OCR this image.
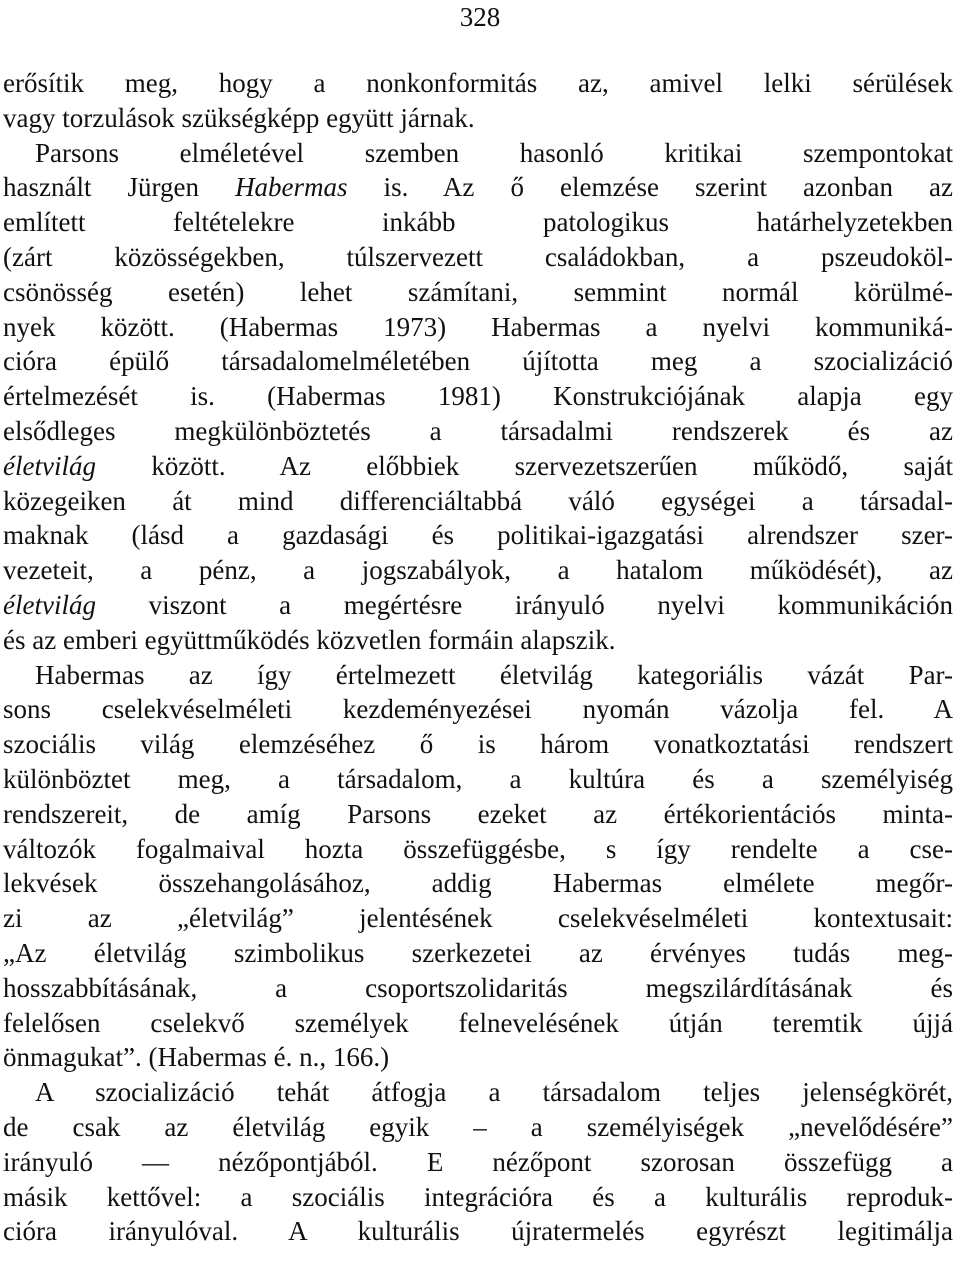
328
erősítik meg, hogy a nonkonformitás az, amivel lelki sérülések
vagy torzulások szükségképp együtt járnak.
Parsons elméletével szemben hasonló kritikai szempontokat
használt Jürgen Habermas is. Az ő elemzése szerint azonban az
említett feltételekre inkább patologikus határhelyzetekben
(zárt közösségekben, túlszervezett családokban, a pszeudoköl-
csönösség esetén) lehet számítani, semmint normál körülmé-
nyek között. (Habermas 1973) Habermas a nyelvi kommuniká-
cióra épülő társadalomelméletében újította meg a szocializáció
értelmezését is. (Habermas 1981) Konstrukciójának alapja egy
elsődleges megkülönböztetés a társadalmi rendszerek és az
életvilág között. Az előbbiek szervezetszerűen működő, saját
közegeiken át mind differenciáltabbá váló egységei a társadal-
maknak (lásd a gazdasági és politikai-igazgatási alrendszer szer-
vezeteit, a pénz, a jogszabályok, a hatalom működését), az
életvilág viszont a megértésre irányuló nyelvi kommunikáción
és az emberi együttműködés közvetlen formáin alapszik.
Habermas az így értelmezett életvilág kategoriális vázát Par-
sons cselekvéselméleti kezdeményezései nyomán vázolja fel. A
szociális világ elemzéséhez ő is három vonatkoztatási rendszert
különböztet meg, a társadalom, a kultúra és a személyiség
rendszereit, de amíg Parsons ezeket az értékorientációs minta-
változók fogalmaival hozta összefüggésbe, s így rendelte a cse-
lekvések összehangolásához, addig Habermas elmélete megőr-
zi az „életvilág” jelentésének cselekvéselméleti kontextusait:
„Az életvilág szimbolikus szerkezetei az érvényes tudás meg-
hosszabbításának, a csoportszolidaritás megszilárdításának és
felelősen cselekvő személyek felnevelésének útján teremtik újjá
önmagukat”. (Habermas é. n., 166.)
A szocializáció tehát átfogja a társadalom teljes jelenségkörét,
de csak az életvilág egyik – a személyiségek „nevelődésére”
irányuló — nézőpontjából. E nézőpont szorosan összefügg a
másik kettővel: a szociális integrációra és a kulturális reproduk-
cióra irányulóval. A kulturális újratermelés egyrészt legitimálja
